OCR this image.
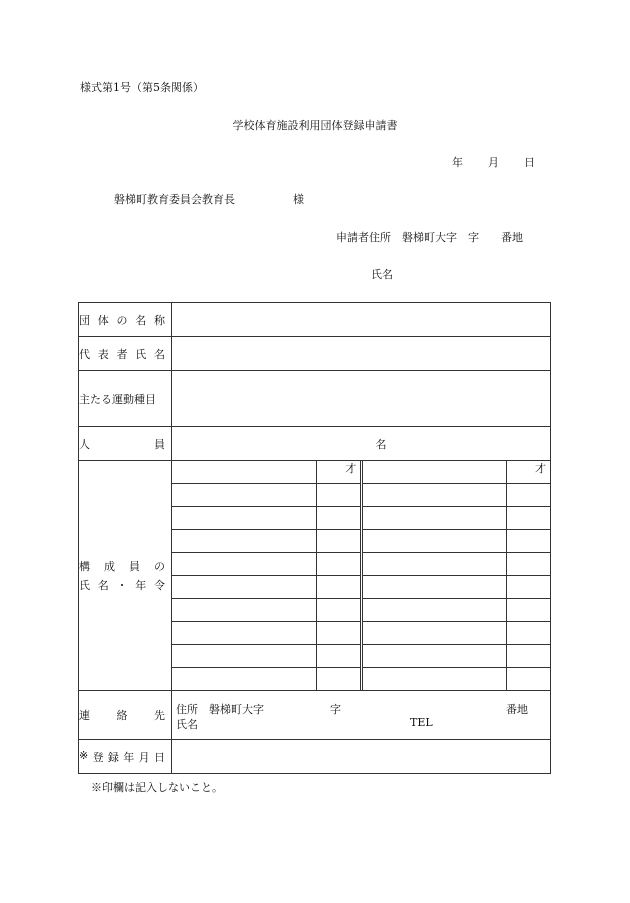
様式第1号（第5条関係）
学校体育施設利用団体登録申請書
年 月 日
磐梯町教育委員会教育長	様
申請者住所　磐梯町大字　字　　番地
氏名
団 体 の 名 称

代 表 者 氏 名

主たる運動種目

人	員	名

構 成 員 の
氏 名 ・ 年 令

	才		才

連 絡 先	住所　磐梯町大字	字	番地
氏名	TEL

※ 登 録 年 月 日

※印欄は記入しないこと。
